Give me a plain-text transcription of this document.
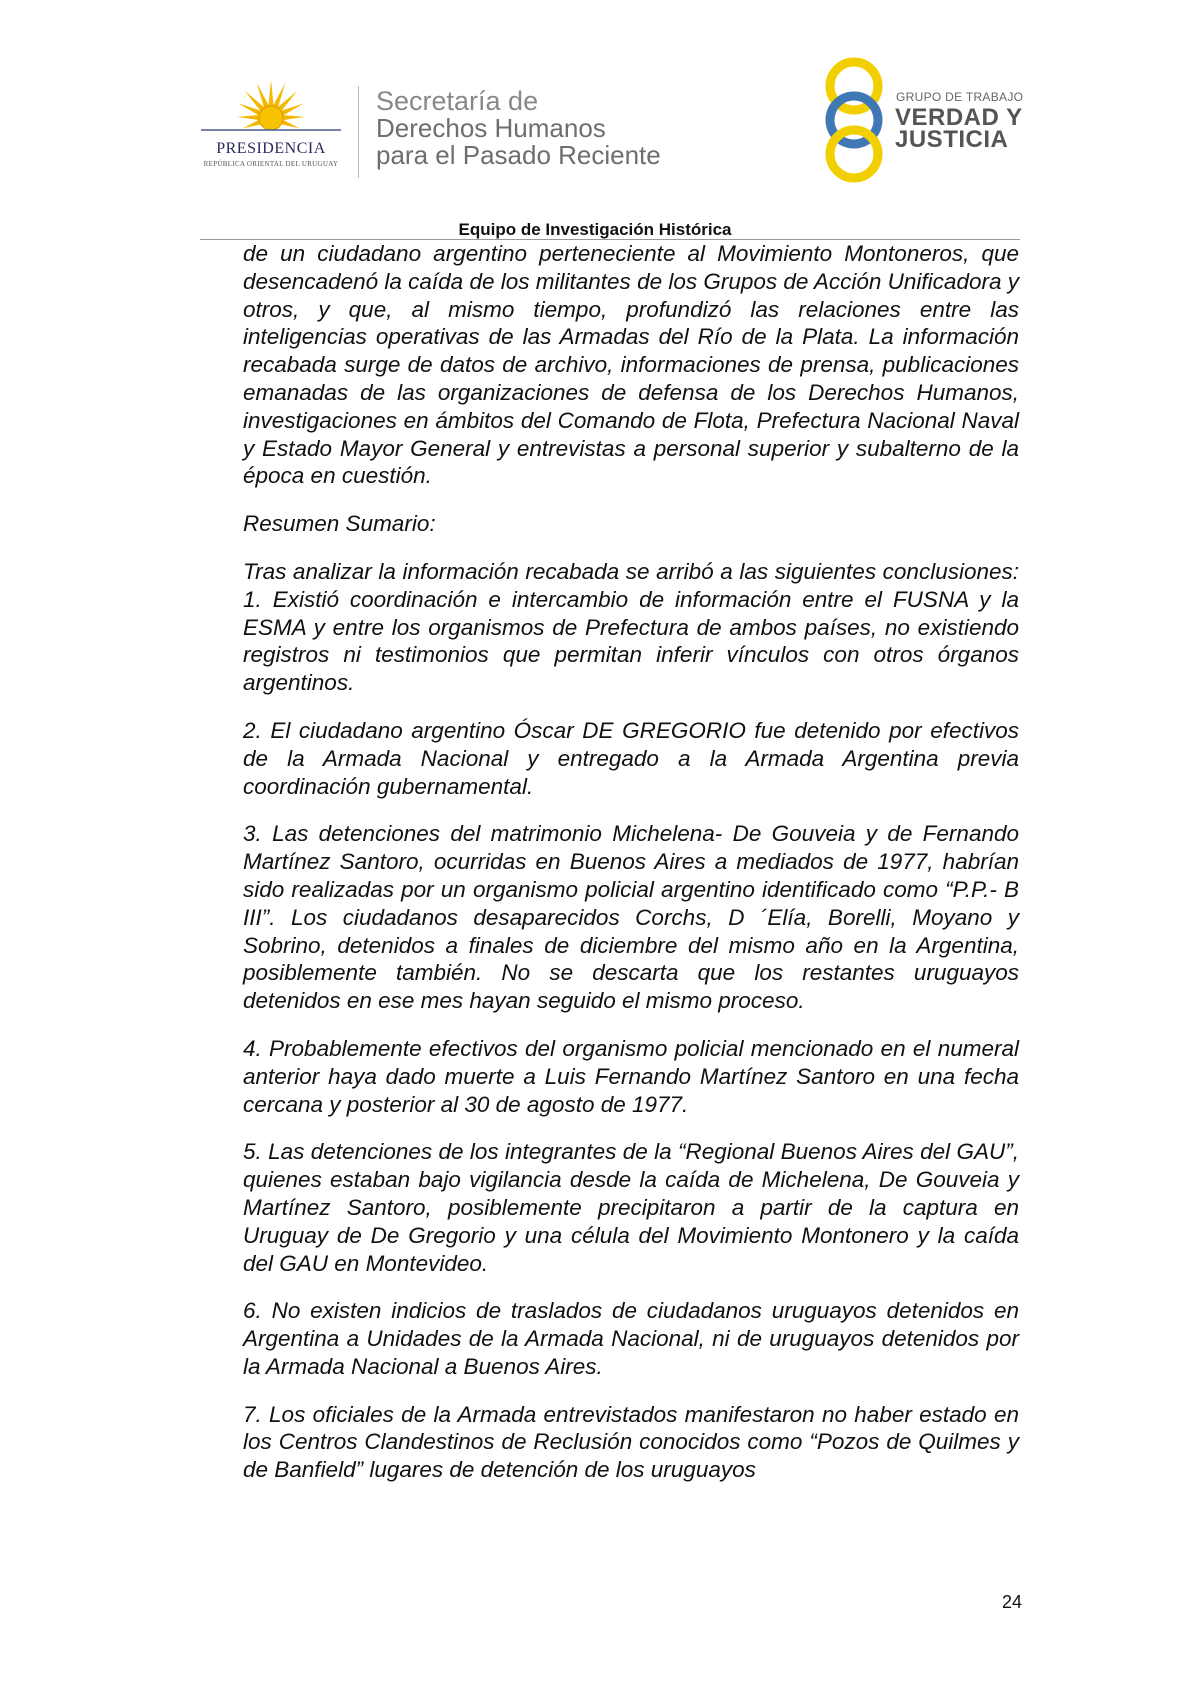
PRESIDENCIA
REPÚBLICA ORIENTAL DEL URUGUAY
Secretaría de
Derechos Humanos
para el Pasado Reciente
GRUPO DE TRABAJO
VERDAD Y
JUSTICIA
Equipo de Investigación Histórica

de un ciudadano argentino perteneciente al Movimiento Montoneros, que desencadenó la caída de los militantes de los Grupos de Acción Unificadora y otros, y que, al mismo tiempo, profundizó las relaciones entre las inteligencias operativas de las Armadas del Río de la Plata. La información recabada surge de datos de archivo, informaciones de prensa, publicaciones emanadas de las organizaciones de defensa de los Derechos Humanos, investigaciones en ámbitos del Comando de Flota, Prefectura Nacional Naval y Estado Mayor General y entrevistas a personal superior y subalterno de la época en cuestión.

Resumen Sumario:

Tras analizar la información recabada se arribó a las siguientes conclusiones: 1. Existió coordinación e intercambio de información entre el FUSNA y la ESMA y entre los organismos de Prefectura de ambos países, no existiendo registros ni testimonios que permitan inferir vínculos con otros órganos argentinos.

2. El ciudadano argentino Óscar DE GREGORIO fue detenido por efectivos de la Armada Nacional y entregado a la Armada Argentina previa coordinación gubernamental.

3. Las detenciones del matrimonio Michelena- De Gouveia y de Fernando Martínez Santoro, ocurridas en Buenos Aires a mediados de 1977, habrían sido realizadas por un organismo policial argentino identificado como “P.P.- B III”. Los ciudadanos desaparecidos Corchs, D ´Elía, Borelli, Moyano y Sobrino, detenidos a finales de diciembre del mismo año en la Argentina, posiblemente también. No se descarta que los restantes uruguayos detenidos en ese mes hayan seguido el mismo proceso.

4. Probablemente efectivos del organismo policial mencionado en el numeral anterior haya dado muerte a Luis Fernando Martínez Santoro en una fecha cercana y posterior al 30 de agosto de 1977.

5. Las detenciones de los integrantes de la “Regional Buenos Aires del GAU”, quienes estaban bajo vigilancia desde la caída de Michelena, De Gouveia y Martínez Santoro, posiblemente precipitaron a partir de la captura en Uruguay de De Gregorio y una célula del Movimiento Montonero y la caída del GAU en Montevideo.

6. No existen indicios de traslados de ciudadanos uruguayos detenidos en Argentina a Unidades de la Armada Nacional, ni de uruguayos detenidos por la Armada Nacional a Buenos Aires.

7. Los oficiales de la Armada entrevistados manifestaron no haber estado en los Centros Clandestinos de Reclusión conocidos como “Pozos de Quilmes y de Banfield” lugares de detención de los uruguayos

24
